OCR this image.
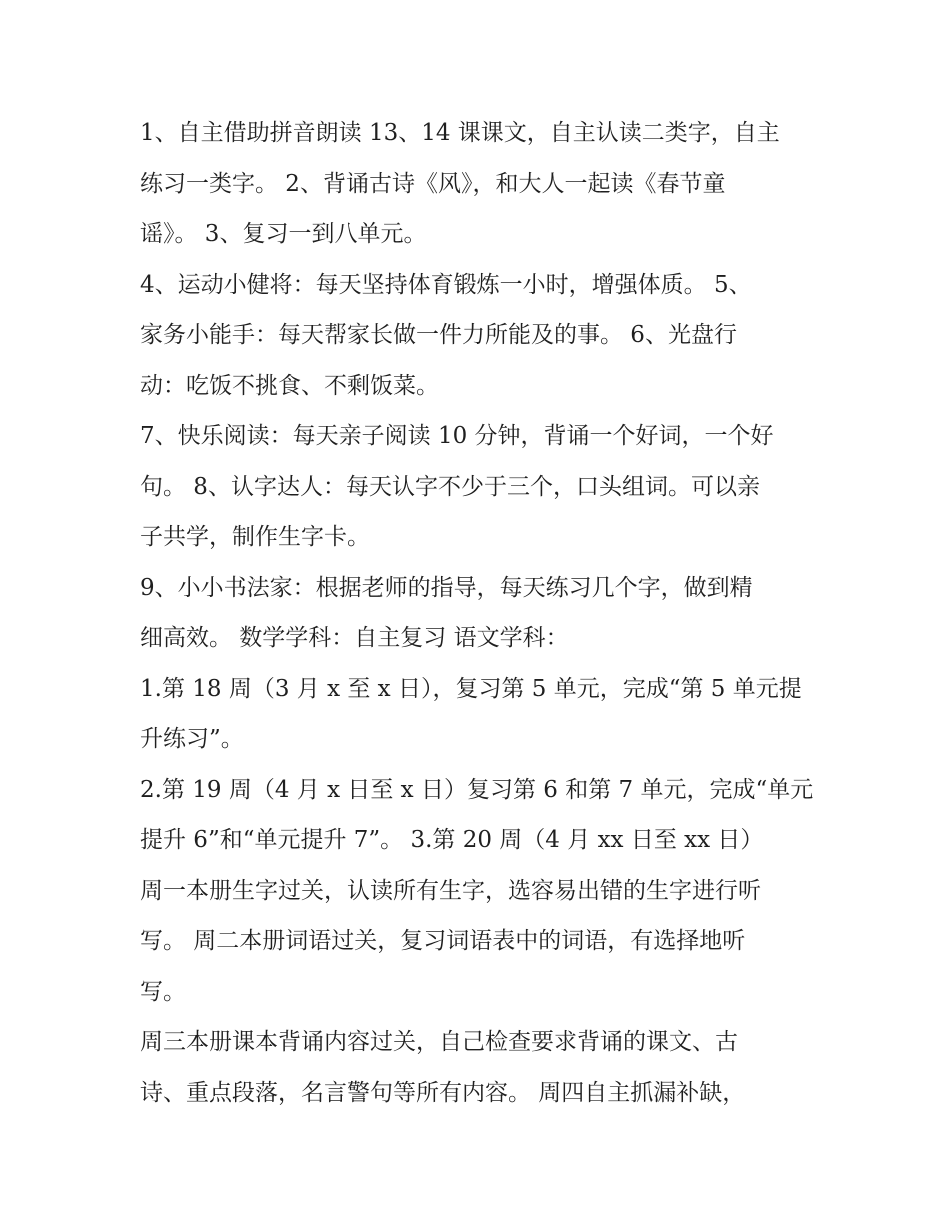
1、自主借助拼音朗读 13、14 课课文，自主认读二类字，自主
练习一类字。 2、背诵古诗《风》，和大人一起读《春节童
谣》。 3、复习一到八单元。
4、运动小健将：每天坚持体育锻炼一小时，增强体质。 5、
家务小能手：每天帮家长做一件力所能及的事。 6、光盘行
动：吃饭不挑食、不剩饭菜。
7、快乐阅读：每天亲子阅读 10 分钟，背诵一个好词，一个好
句。 8、认字达人：每天认字不少于三个，口头组词。可以亲
子共学，制作生字卡。
9、小小书法家：根据老师的指导，每天练习几个字，做到精
细高效。 数学学科：自主复习 语文学科：
1.第 18 周（3 月 x 至 x 日），复习第 5 单元，完成“第 5 单元提
升练习”。
2.第 19 周（4 月 x 日至 x 日）复习第 6 和第 7 单元，完成“单元
提升 6”和“单元提升 7”。 3.第 20 周（4 月 xx 日至 xx 日）
周一本册生字过关，认读所有生字，选容易出错的生字进行听
写。 周二本册词语过关，复习词语表中的词语，有选择地听
写。
周三本册课本背诵内容过关，自己检查要求背诵的课文、古
诗、重点段落，名言警句等所有内容。 周四自主抓漏补缺，
